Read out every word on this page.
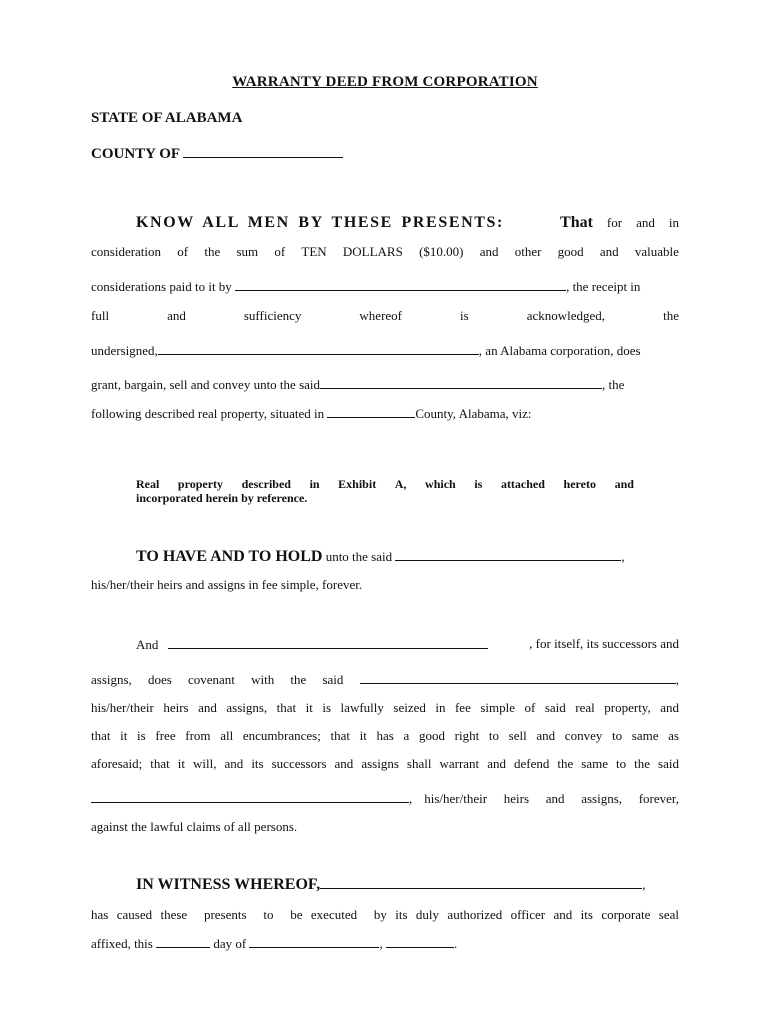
WARRANTY DEED FROM CORPORATION
STATE OF ALABAMA
COUNTY OF
KNOW ALL MEN BY THESE PRESENTS:	That for and in
consideration of the sum of TEN DOLLARS ($10.00) and other good and valuable
considerations paid to it by	, the receipt in
full	and	sufficiency	whereof	is	acknowledged,	the
undersigned,	, an Alabama corporation, does
grant, bargain, sell and convey unto the said	, the
following described real property, situated in	County, Alabama, viz:
Real property described in Exhibit A, which is attached hereto and
incorporated herein by reference.
TO HAVE AND TO HOLD unto the said	,
his/her/their heirs and assigns in fee simple, forever.
And	, for itself, its successors and
assigns, does covenant with the said	,
his/her/their heirs and assigns, that it is lawfully seized in fee simple of said real property, and
that it is free from all encumbrances; that it has a good right to sell and convey to same as
aforesaid; that it will, and its successors and assigns shall warrant and defend the same to the said
, his/her/their heirs and assigns, forever,
against the lawful claims of all persons.
IN WITNESS WHEREOF,	,
has caused these  presents  to  be executed  by its duly authorized officer and its corporate seal
affixed, this	day of	,	.
